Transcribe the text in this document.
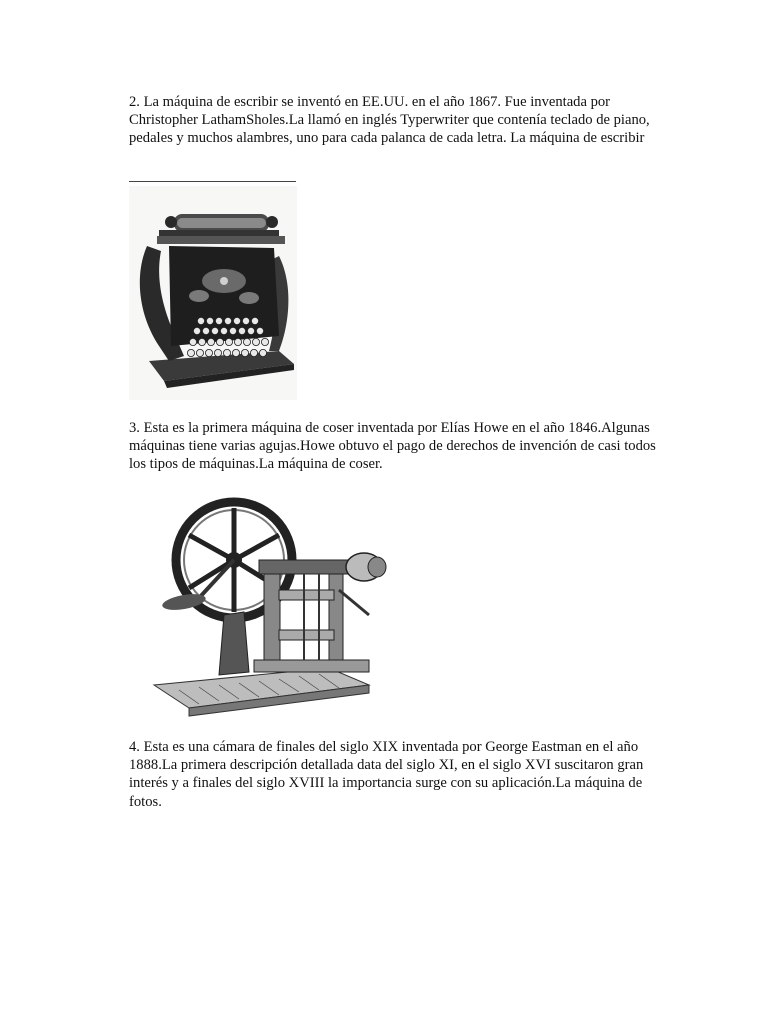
2. La máquina de escribir se inventó en EE.UU. en el año 1867. Fue inventada por Christopher LathamSholes.La llamó en inglés Typerwriter que contenía teclado de piano, pedales y muchos alambres, uno para cada palanca de cada letra. La máquina de escribir

3. Esta es la primera máquina de coser inventada por Elías Howe en el año 1846.Algunas máquinas tiene varias agujas.Howe obtuvo el pago de derechos de invención de casi todos los tipos de máquinas.La máquina de coser.

4. Esta es una cámara de finales del siglo XIX inventada por George Eastman en el año 1888.La primera descripción detallada data del siglo XI, en el siglo XVI suscitaron gran interés y a finales del siglo XVIII la importancia surge con su aplicación.La máquina de fotos.
